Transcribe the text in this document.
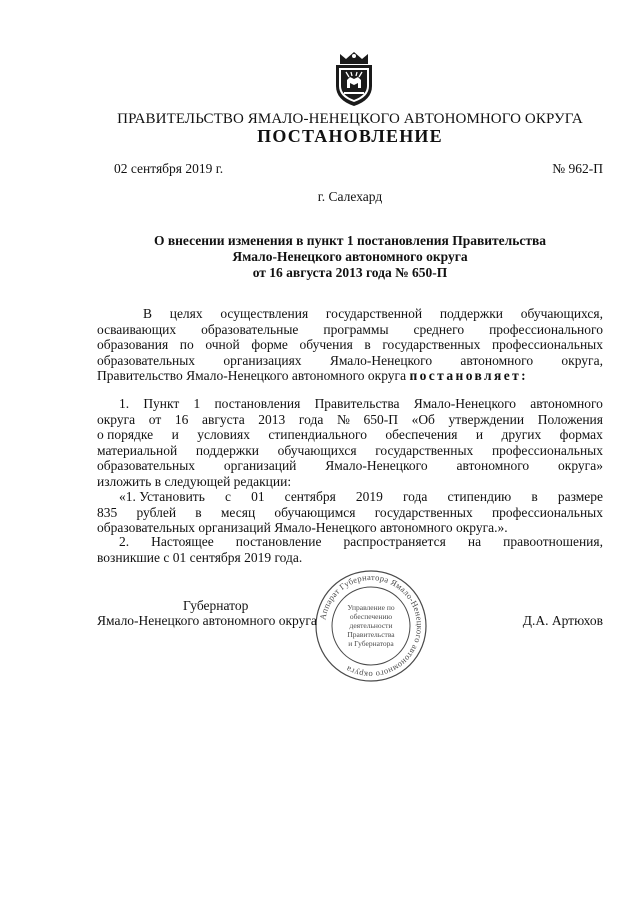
ПРАВИТЕЛЬСТВО ЯМАЛО-НЕНЕЦКОГО АВТОНОМНОГО ОКРУГА
ПОСТАНОВЛЕНИЕ
02 сентября 2019 г.	№ 962-П
г. Салехард
О внесении изменения в пункт 1 постановления Правительства
Ямало-Ненецкого автономного округа
от 16 августа 2013 года № 650-П
В целях осуществления государственной поддержки обучающихся,
осваивающих образовательные программы среднего профессионального
образования по очной форме обучения в государственных профессиональных
образовательных организациях Ямало-Ненецкого автономного округа,
Правительство Ямало-Ненецкого автономного округа постановляет:
1. Пункт 1 постановления Правительства Ямало-Ненецкого автономного
округа от 16 августа 2013 года № 650-П «Об утверждении Положения
о порядке и условиях стипендиального обеспечения и других формах
материальной поддержки обучающихся государственных профессиональных
образовательных организаций Ямало-Ненецкого автономного округа»
изложить в следующей редакции:
«1. Установить с 01 сентября 2019 года стипендию в размере
835 рублей в месяц обучающимся государственных профессиональных
образовательных организаций Ямало-Ненецкого автономного округа.».
2. Настоящее постановление распространяется на правоотношения,
возникшие с 01 сентября 2019 года.
Аппарат Губернатора Ямало-Ненецкого автономного округа
Управление по
обеспечению
деятельности
Правительства
и Губернатора
Губернатор
Ямало-Ненецкого автономного округа	Д.А. Артюхов
